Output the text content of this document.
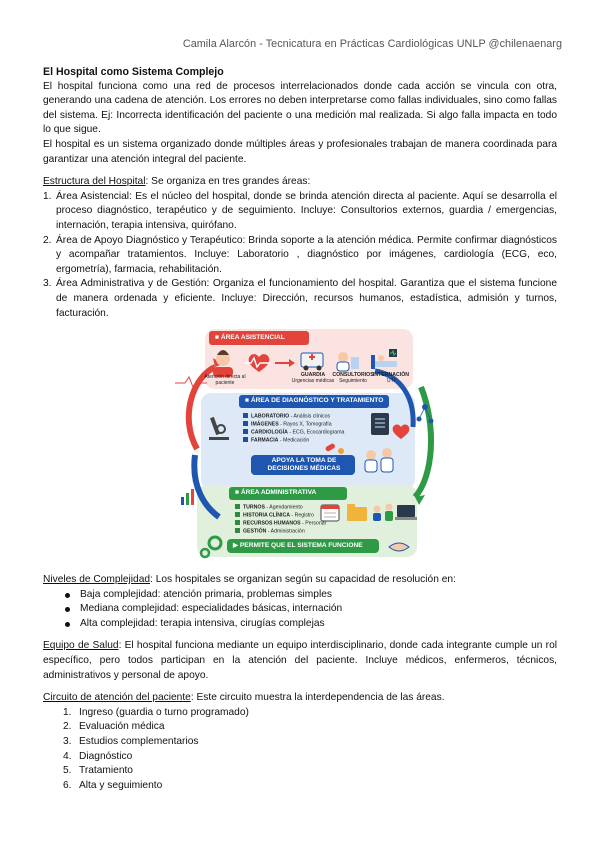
Camila Alarcón - Tecnicatura en Prácticas Cardiológicas UNLP @chilenaenarg
El Hospital como Sistema Complejo

El hospital funciona como una red de procesos interrelacionados donde cada acción se vincula con otra, generando una cadena de atención. Los errores no deben interpretarse como fallas individuales, sino como fallas del sistema. Ej: Incorrecta identificación del paciente o una medición mal realizada. Si algo falla impacta en todo lo que sigue.

El hospital es un sistema organizado donde múltiples áreas y profesionales trabajan de manera coordinada para garantizar una atención integral del paciente.

Estructura del Hospital: Se organiza en tres grandes áreas:

1. Área Asistencial: Es el núcleo del hospital, donde se brinda atención directa al paciente. Aquí se desarrolla el proceso diagnóstico, terapéutico y de seguimiento. Incluye: Consultorios externos, guardia / emergencias, internación, terapia intensiva, quirófano.
2. Área de Apoyo Diagnóstico y Terapéutico: Brinda soporte a la atención médica. Permite confirmar diagnósticos y acompañar tratamientos. Incluye: Laboratorio , diagnóstico por imágenes, cardiología (ECG, eco, ergometría), farmacia, rehabilitación.
3. Área Administrativa y de Gestión: Organiza el funcionamiento del hospital. Garantiza que el sistema funcione de manera ordenada y eficiente. Incluye: Dirección, recursos humanos, estadística, admisión y turnos, facturación.
■ ÁREA ASISTENCIAL
Atención directa al paciente
GUARDIA
Urgencias médicas
CONSULTORIOS
Seguimiento
INTERNACIÓN
UTI
■ ÁREA DE DIAGNÓSTICO Y TRATAMIENTO
LABORATORIO - Análisis clínicos
IMÁGENES - Rayos X, Tomografía
CARDIOLOGÍA - ECG, Ecocardiograma
FARMACIA - Medicación
APOYA LA TOMA DE DECISIONES MÉDICAS
■ ÁREA ADMINISTRATIVA
TURNOS - Agendamiento
HISTORIA CLÍNICA - Registro
RECURSOS HUMANOS - Personal
GESTIÓN - Administración
▶ PERMITE QUE EL SISTEMA FUNCIONE

Niveles de Complejidad: Los hospitales se organizan según su capacidad de resolución en:

Baja complejidad: atención primaria, problemas simples
Mediana complejidad: especialidades básicas, internación
Alta complejidad: terapia intensiva, cirugías complejas

Equipo de Salud: El hospital funciona mediante un equipo interdisciplinario, donde cada integrante cumple un rol específico, pero todos participan en la atención del paciente. Incluye médicos, enfermeros, técnicos, administrativos y personal de apoyo.

Circuito de atención del paciente: Este circuito muestra la interdependencia de las áreas.

1. Ingreso (guardia o turno programado)
2. Evaluación médica
3. Estudios complementarios
4. Diagnóstico
5. Tratamiento
6. Alta y seguimiento
